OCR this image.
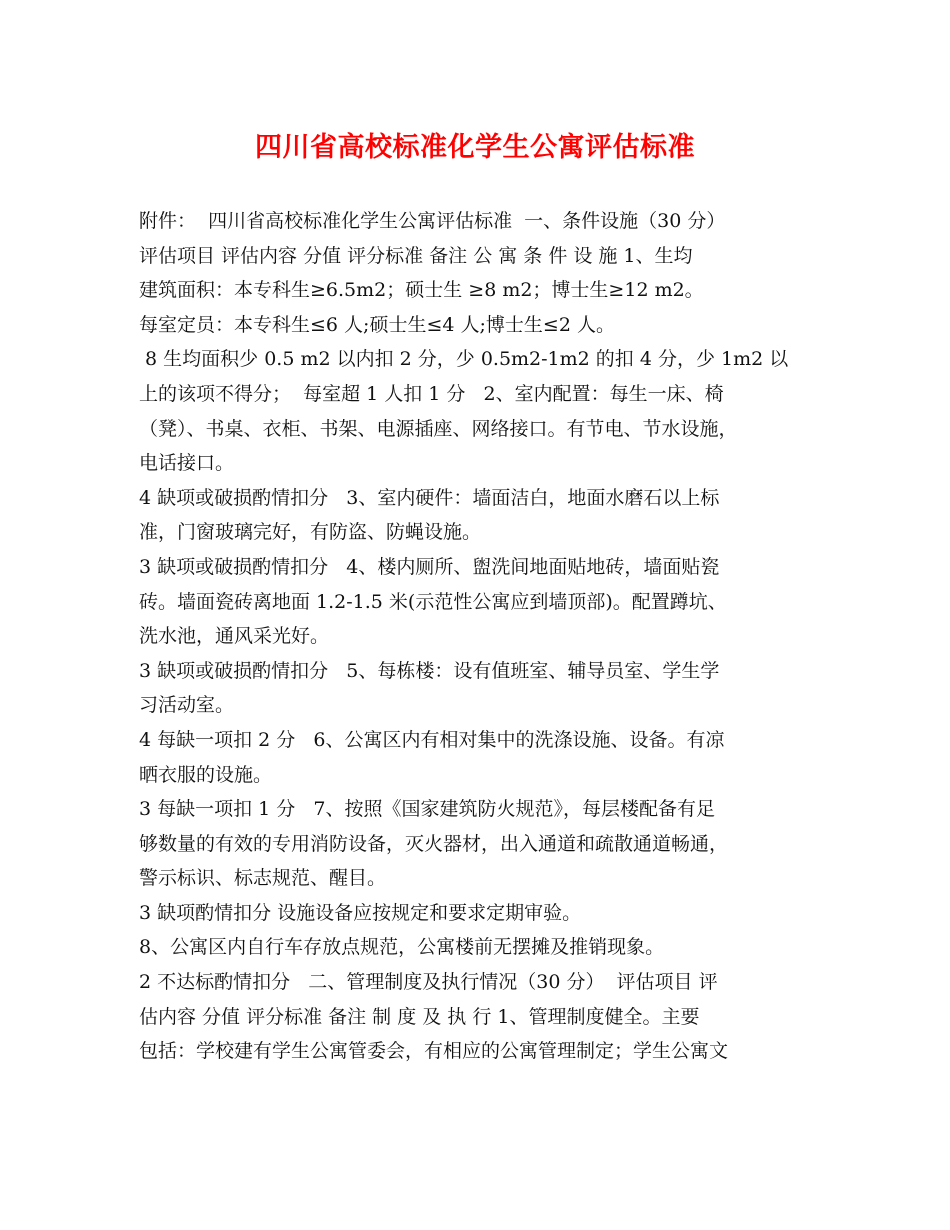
四川省高校标准化学生公寓评估标准
附件：  四川省高校标准化学生公寓评估标准  一、条件设施（30 分）
评估项目 评估内容 分值 评分标准 备注 公 寓 条 件 设 施 1、生均
建筑面积：本专科生≥6.5m2；硕士生 ≥8 m2；博士生≥12 m2。
每室定员：本专科生≤6 人;硕士生≤4 人;博士生≤2 人。
8 生均面积少 0.5 m2 以内扣 2 分，少 0.5m2-1m2 的扣 4 分，少 1m2 以
上的该项不得分；  每室超 1 人扣 1 分   2、室内配置：每生一床、椅
（凳）、书桌、衣柜、书架、电源插座、网络接口。有节电、节水设施，
电话接口。
4 缺项或破损酌情扣分   3、室内硬件：墙面洁白，地面水磨石以上标
准，门窗玻璃完好，有防盗、防蝇设施。
3 缺项或破损酌情扣分   4、楼内厕所、盥洗间地面贴地砖，墙面贴瓷
砖。墙面瓷砖离地面 1.2-1.5 米(示范性公寓应到墙顶部)。配置蹲坑、
洗水池，通风采光好。
3 缺项或破损酌情扣分   5、每栋楼：设有值班室、辅导员室、学生学
习活动室。
4 每缺一项扣 2 分   6、公寓区内有相对集中的洗涤设施、设备。有凉
晒衣服的设施。
3 每缺一项扣 1 分   7、按照《国家建筑防火规范》，每层楼配备有足
够数量的有效的专用消防设备，灭火器材，出入通道和疏散通道畅通，
警示标识、标志规范、醒目。
3 缺项酌情扣分 设施设备应按规定和要求定期审验。
8、公寓区内自行车存放点规范，公寓楼前无摆摊及推销现象。
2 不达标酌情扣分   二、管理制度及执行情况（30 分）  评估项目 评
估内容 分值 评分标准 备注 制 度 及 执 行 1、管理制度健全。主要
包括：学校建有学生公寓管委会，有相应的公寓管理制定；学生公寓文
